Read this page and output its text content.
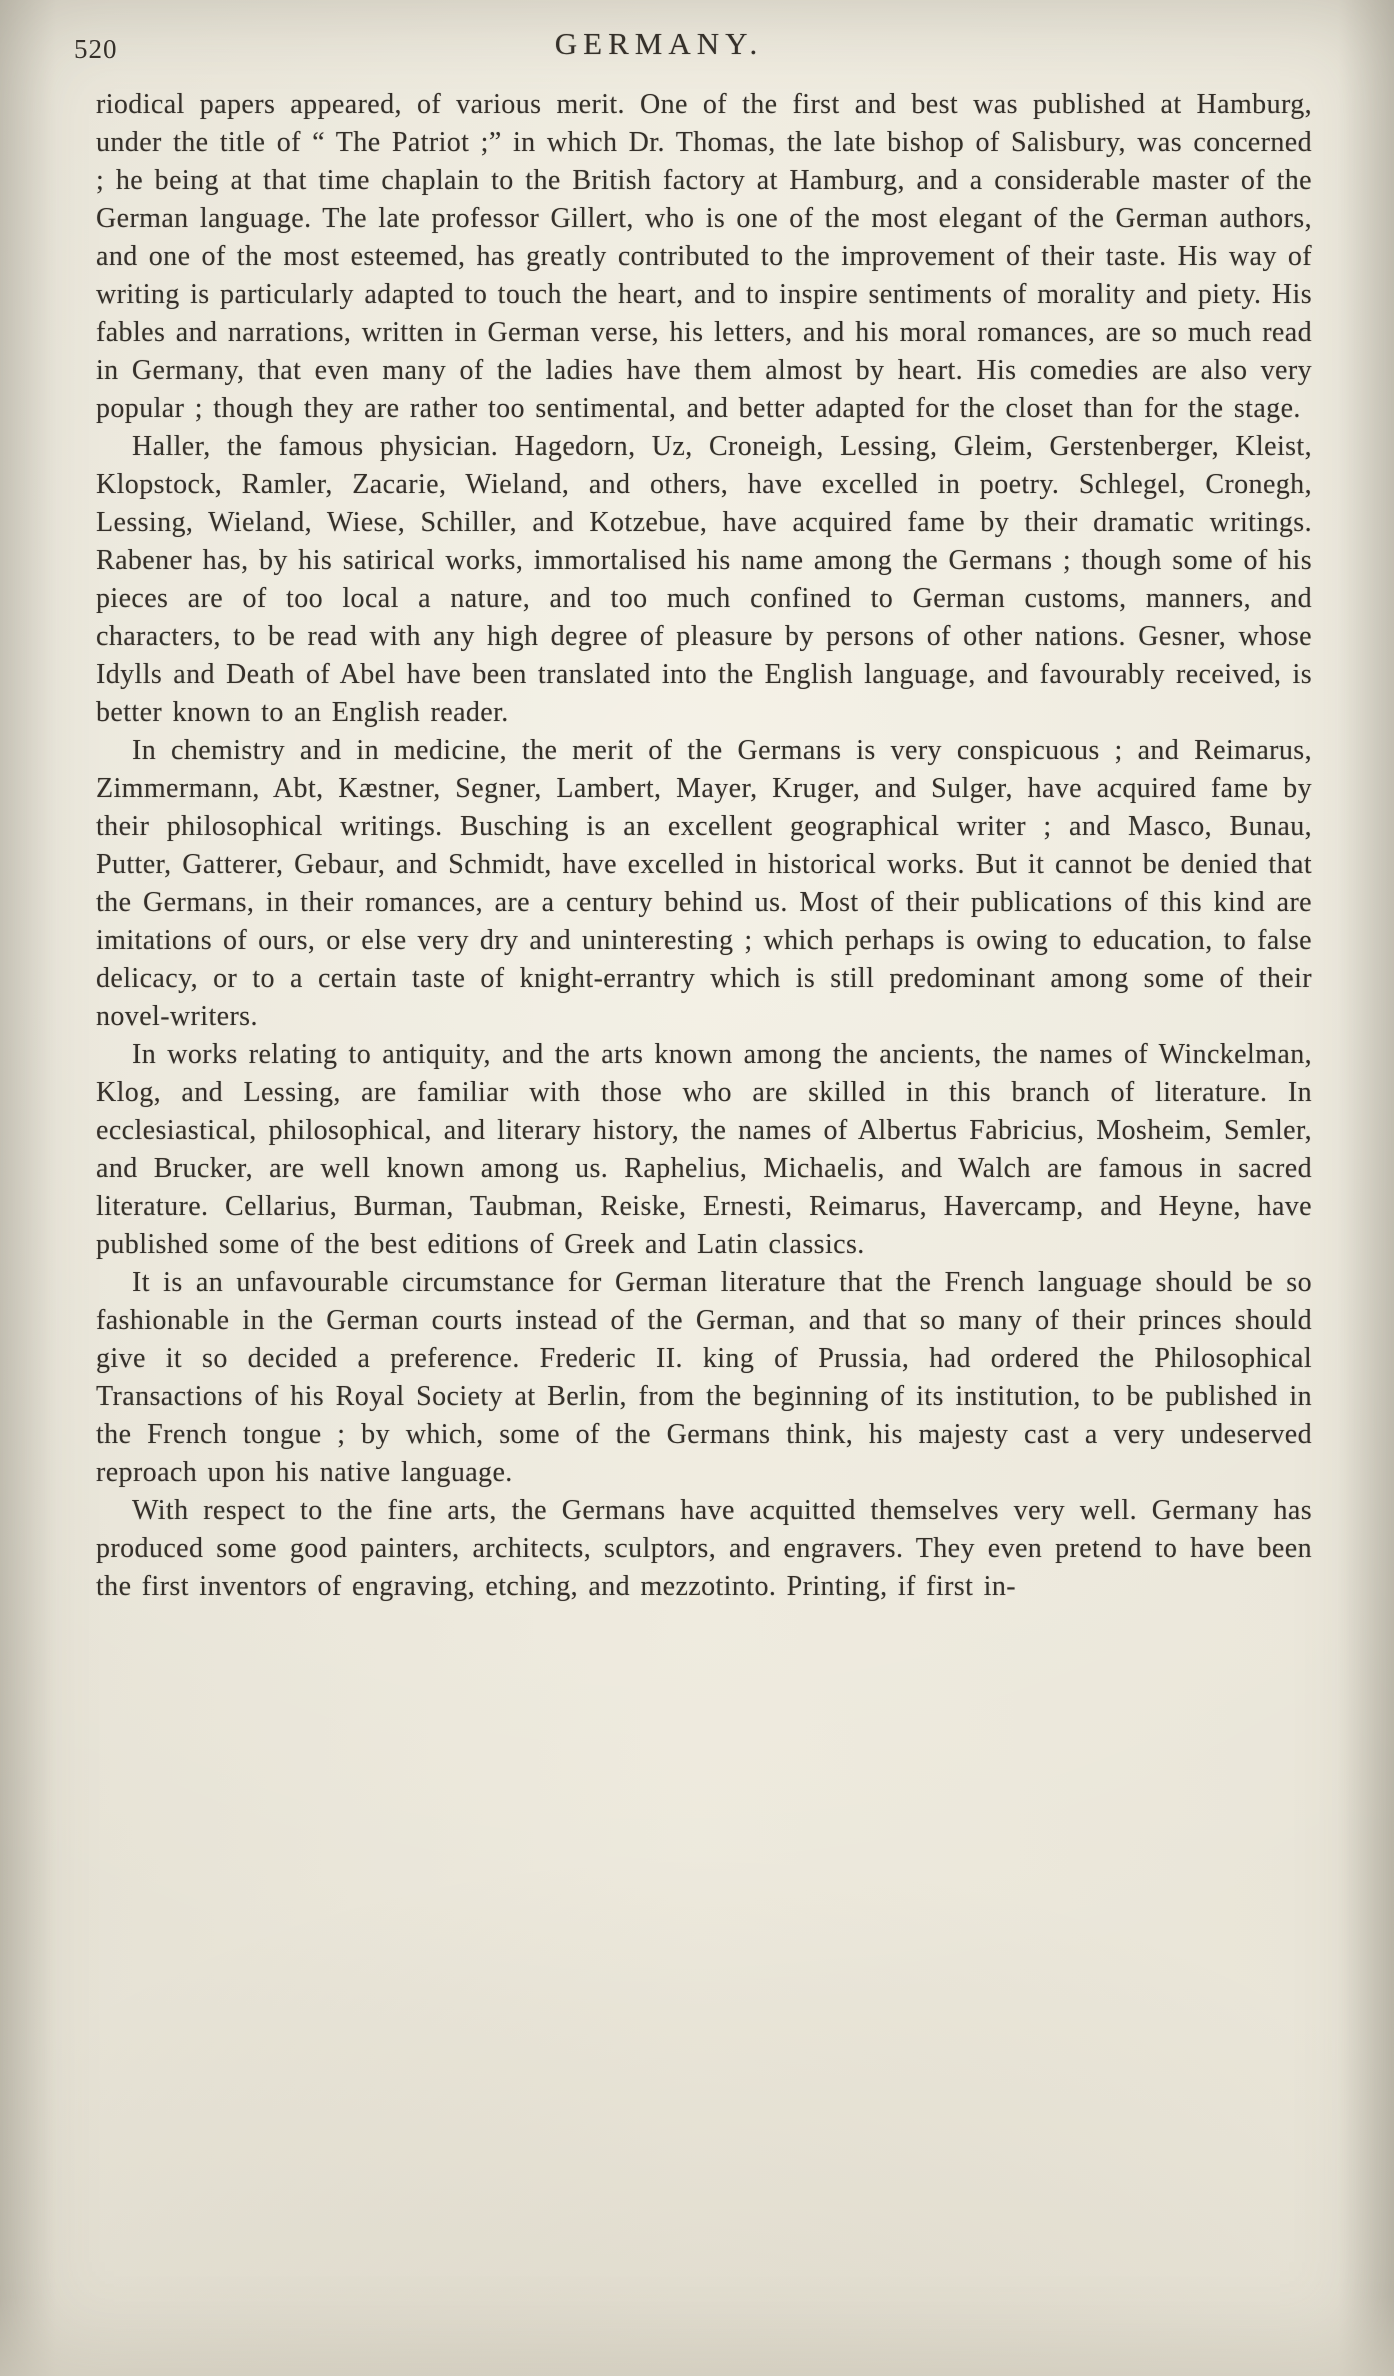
520	GERMANY.

riodical papers appeared, of various merit. One of the first and best was published at Hamburg, under the title of “ The Patriot ;” in which Dr. Thomas, the late bishop of Salisbury, was concerned ; he being at that time chaplain to the British factory at Hamburg, and a considerable master of the German language. The late professor Gillert, who is one of the most elegant of the German authors, and one of the most esteemed, has greatly contributed to the improvement of their taste. His way of writing is particularly adapted to touch the heart, and to inspire sentiments of morality and piety. His fables and narrations, written in German verse, his letters, and his moral romances, are so much read in Germany, that even many of the ladies have them almost by heart. His comedies are also very popular ; though they are rather too sentimental, and better adapted for the closet than for the stage.

Haller, the famous physician. Hagedorn, Uz, Croneigh, Lessing, Gleim, Gerstenberger, Kleist, Klopstock, Ramler, Zacarie, Wieland, and others, have excelled in poetry. Schlegel, Cronegh, Lessing, Wieland, Wiese, Schiller, and Kotzebue, have acquired fame by their dramatic writings. Rabener has, by his satirical works, immortalised his name among the Germans ; though some of his pieces are of too local a nature, and too much confined to German customs, manners, and characters, to be read with any high degree of pleasure by persons of other nations. Gesner, whose Idylls and Death of Abel have been translated into the English language, and favourably received, is better known to an English reader.

In chemistry and in medicine, the merit of the Germans is very conspicuous ; and Reimarus, Zimmermann, Abt, Kæstner, Segner, Lambert, Mayer, Kruger, and Sulger, have acquired fame by their philosophical writings. Busching is an excellent geographical writer ; and Masco, Bunau, Putter, Gatterer, Gebaur, and Schmidt, have excelled in historical works. But it cannot be denied that the Germans, in their romances, are a century behind us. Most of their publications of this kind are imitations of ours, or else very dry and uninteresting ; which perhaps is owing to education, to false delicacy, or to a certain taste of knight-errantry which is still predominant among some of their novel-writers.

In works relating to antiquity, and the arts known among the ancients, the names of Winckelman, Klog, and Lessing, are familiar with those who are skilled in this branch of literature. In ecclesiastical, philosophical, and literary history, the names of Albertus Fabricius, Mosheim, Semler, and Brucker, are well known among us. Raphelius, Michaelis, and Walch are famous in sacred literature. Cellarius, Burman, Taubman, Reiske, Ernesti, Reimarus, Havercamp, and Heyne, have published some of the best editions of Greek and Latin classics.

It is an unfavourable circumstance for German literature that the French language should be so fashionable in the German courts instead of the German, and that so many of their princes should give it so decided a preference. Frederic II. king of Prussia, had ordered the Philosophical Transactions of his Royal Society at Berlin, from the beginning of its institution, to be published in the French tongue ; by which, some of the Germans think, his majesty cast a very undeserved reproach upon his native language.

With respect to the fine arts, the Germans have acquitted themselves very well. Germany has produced some good painters, architects, sculptors, and engravers. They even pretend to have been the first inventors of engraving, etching, and mezzotinto. Printing, if first in-
